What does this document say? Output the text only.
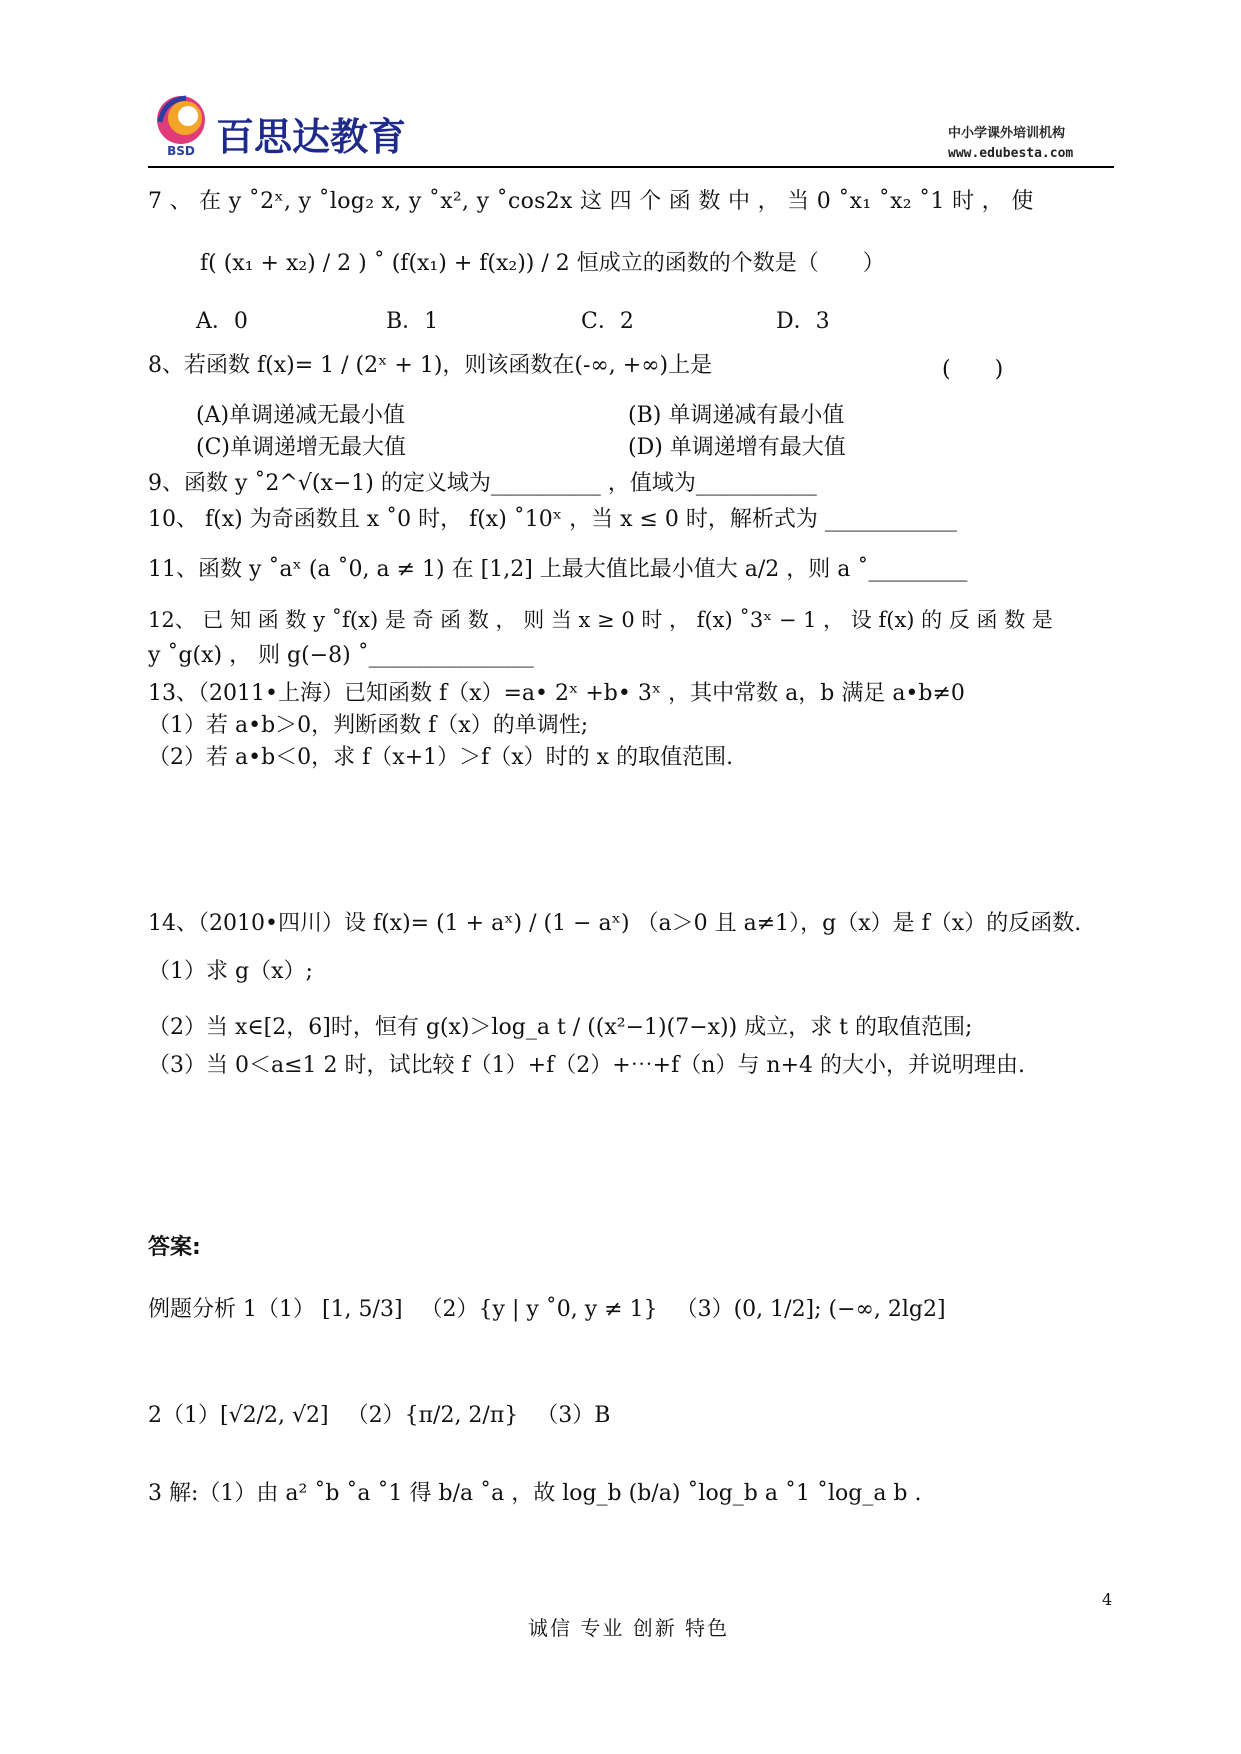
BSD 百思达教育	中小学课外培训机构
www.edubesta.com
7 、 在 y ˚2ˣ, y ˚log₂ x, y ˚x², y ˚cos2x 这 四 个 函 数 中 ， 当 0 ˚x₁ ˚x₂ ˚1 时 ， 使
f( (x₁ + x₂) / 2 ) ˚ (f(x₁) + f(x₂)) / 2 恒成立的函数的个数是（　　）
A．0	B．1	C．2	D．3
8、若函数 f(x)= 1 / (2ˣ + 1)，则该函数在(-∞, +∞)上是	(　　)
(A)单调递减无最小值	(B) 单调递减有最小值
(C)单调递增无最大值	(D) 单调递增有最大值
9、函数 y ˚2^√(x−1) 的定义域为__________ ，值域为___________
10、 f(x) 为奇函数且 x ˚0 时， f(x) ˚10ˣ ，当 x ≤ 0 时，解析式为 ____________
11、函数 y ˚aˣ (a ˚0, a ≠ 1) 在 [1,2] 上最大值比最小值大 a/2 ，则 a ˚_________
12、 已 知 函 数 y ˚f(x) 是 奇 函 数 ， 则 当 x ≥ 0 时 ， f(x) ˚3ˣ − 1 ， 设 f(x) 的 反 函 数 是
y ˚g(x) ， 则 g(−8) ˚_______________
13、（2011•上海）已知函数 f（x）=a• 2ˣ +b• 3ˣ ，其中常数 a，b 满足 a•b≠0
（1）若 a•b＞0，判断函数 f（x）的单调性;
（2）若 a•b＜0，求 f（x+1）＞f（x）时的 x 的取值范围.
14、（2010•四川）设 f(x)= (1 + aˣ) / (1 − aˣ) （a＞0 且 a≠1），g（x）是 f（x）的反函数.
（1）求 g（x）;
（2）当 x∈[2，6]时，恒有 g(x)＞log_a t / ((x²−1)(7−x)) 成立，求 t 的取值范围;
（3）当 0＜a≤1 2 时，试比较 f（1）+f（2）+⋯+f（n）与 n+4 的大小，并说明理由.
答案:
例题分析 1（1） [1, 5/3] 　（2）{y | y ˚0, y ≠ 1} 　（3）(0, 1/2]; (−∞, 2lg2]
2（1）[√2/2, √2] 　（2）{π/2, 2/π} 　（3）B
3 解:（1）由 a² ˚b ˚a ˚1 得 b/a ˚a ，故 log_b (b/a) ˚log_b a ˚1 ˚log_a b .
4
诚信 专业 创新 特色
